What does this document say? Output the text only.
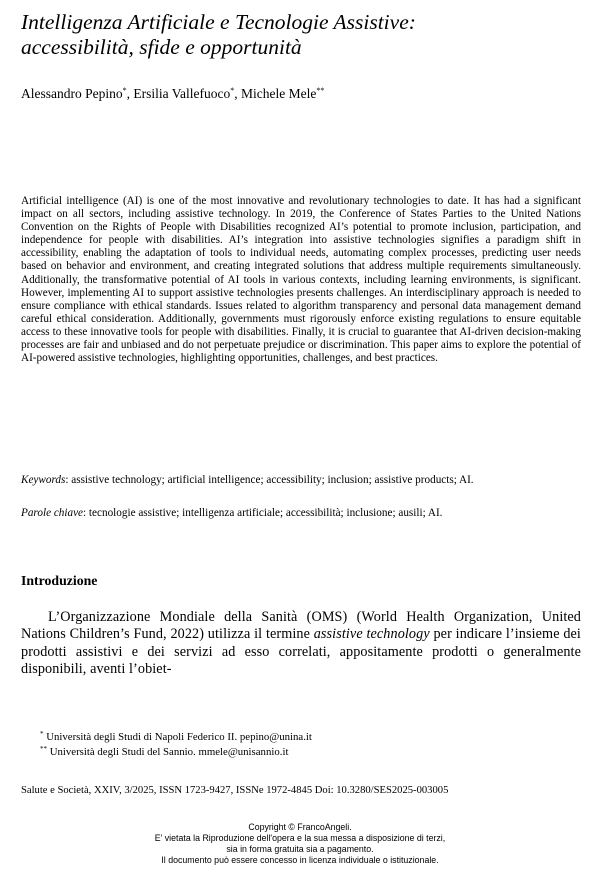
Intelligenza Artificiale e Tecnologie Assistive:
accessibilità, sfide e opportunità

Alessandro Pepino*, Ersilia Vallefuoco*, Michele Mele**

Artificial intelligence (AI) is one of the most innovative and revolutionary technologies to date. It has had a significant impact on all sectors, including assistive technology. In 2019, the Conference of States Parties to the United Nations Convention on the Rights of People with Disabilities recognized AI’s potential to promote inclusion, participation, and independence for people with disabilities. AI’s integration into assistive technologies signifies a paradigm shift in accessibility, enabling the adaptation of tools to individual needs, automating complex processes, predicting user needs based on behavior and environment, and creating integrated solutions that address multiple requirements simultaneously. Additionally, the transformative potential of AI tools in various contexts, including learning environments, is significant. However, implementing AI to support assistive technologies presents challenges. An interdisciplinary approach is needed to ensure compliance with ethical standards. Issues related to algorithm transparency and personal data management demand careful ethical consideration. Additionally, governments must rigorously enforce existing regulations to ensure equitable access to these innovative tools for people with disabilities. Finally, it is crucial to guarantee that AI-driven decision-making processes are fair and unbiased and do not perpetuate prejudice or discrimination. This paper aims to explore the potential of AI-powered assistive technologies, highlighting opportunities, challenges, and best practices.

Keywords: assistive technology; artificial intelligence; accessibility; inclusion; assistive products; AI.

Parole chiave: tecnologie assistive; intelligenza artificiale; accessibilità; inclusione; ausili; AI.

Introduzione

L’Organizzazione Mondiale della Sanità (OMS) (World Health Organization, United Nations Children’s Fund, 2022) utilizza il termine assistive technology per indicare l’insieme dei prodotti assistivi e dei servizi ad esso correlati, appositamente prodotti o generalmente disponibili, aventi l’obiet-

* Università degli Studi di Napoli Federico II. pepino@unina.it

** Università degli Studi del Sannio. mmele@unisannio.it

Salute e Società, XXIV, 3/2025, ISSN 1723-9427, ISSNe 1972-4845 Doi: 10.3280/SES2025-003005

Copyright © FrancoAngeli.
E' vietata la Riproduzione dell'opera e la sua messa a disposizione di terzi,
sia in forma gratuita sia a pagamento.
Il documento può essere concesso in licenza individuale o istituzionale.
